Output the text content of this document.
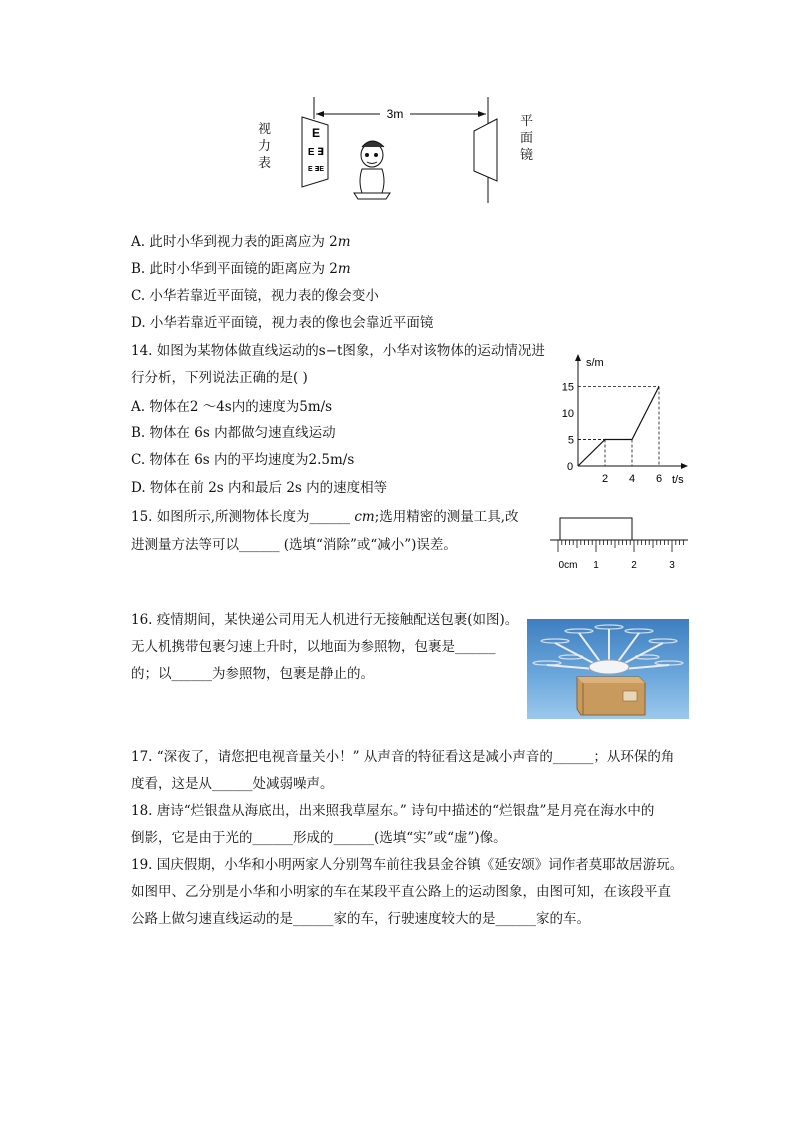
3m
E
E ∃
E ∃E
视
力
表
平
面
镜
A. 此时小华到视力表的距离应为 2m
B. 此时小华到平面镜的距离应为 2m
C. 小华若靠近平面镜，视力表的像会变小
D. 小华若靠近平面镜，视力表的像也会靠近平面镜
14. 如图为某物体做直线运动的s−t图象，小华对该物体的运动情况进
行分析，下列说法正确的是( )
A. 物体在2 ～4s内的速度为5m/s
B. 物体在 6s 内都做匀速直线运动
C. 物体在 6s 内的平均速度为2.5m/s
D. 物体在前 2s 内和最后 2s 内的速度相等
s/m
t/s
0
2 4 6
5
10
15
15. 如图所示,所测物体长度为______ cm;选用精密的测量工具,改
进测量方法等可以______ (选填“消除”或“减小”)误差。
0cm 1	2	3
16. 疫情期间，某快递公司用无人机进行无接触配送包裹(如图)。
无人机携带包裹匀速上升时，以地面为参照物，包裹是______
的；以______为参照物，包裹是静止的。
17. “深夜了，请您把电视音量关小！” 从声音的特征看这是减小声音的______；从环保的角
度看，这是从______处减弱噪声。
18. 唐诗“烂银盘从海底出，出来照我草屋东。” 诗句中描述的“烂银盘”是月亮在海水中的
倒影，它是由于光的______形成的______(选填“实”或“虚”)像。
19. 国庆假期，小华和小明两家人分别驾车前往我县金谷镇《延安颂》词作者莫耶故居游玩。
如图甲、乙分别是小华和小明家的车在某段平直公路上的运动图象，由图可知，在该段平直
公路上做匀速直线运动的是______家的车，行驶速度较大的是______家的车。
